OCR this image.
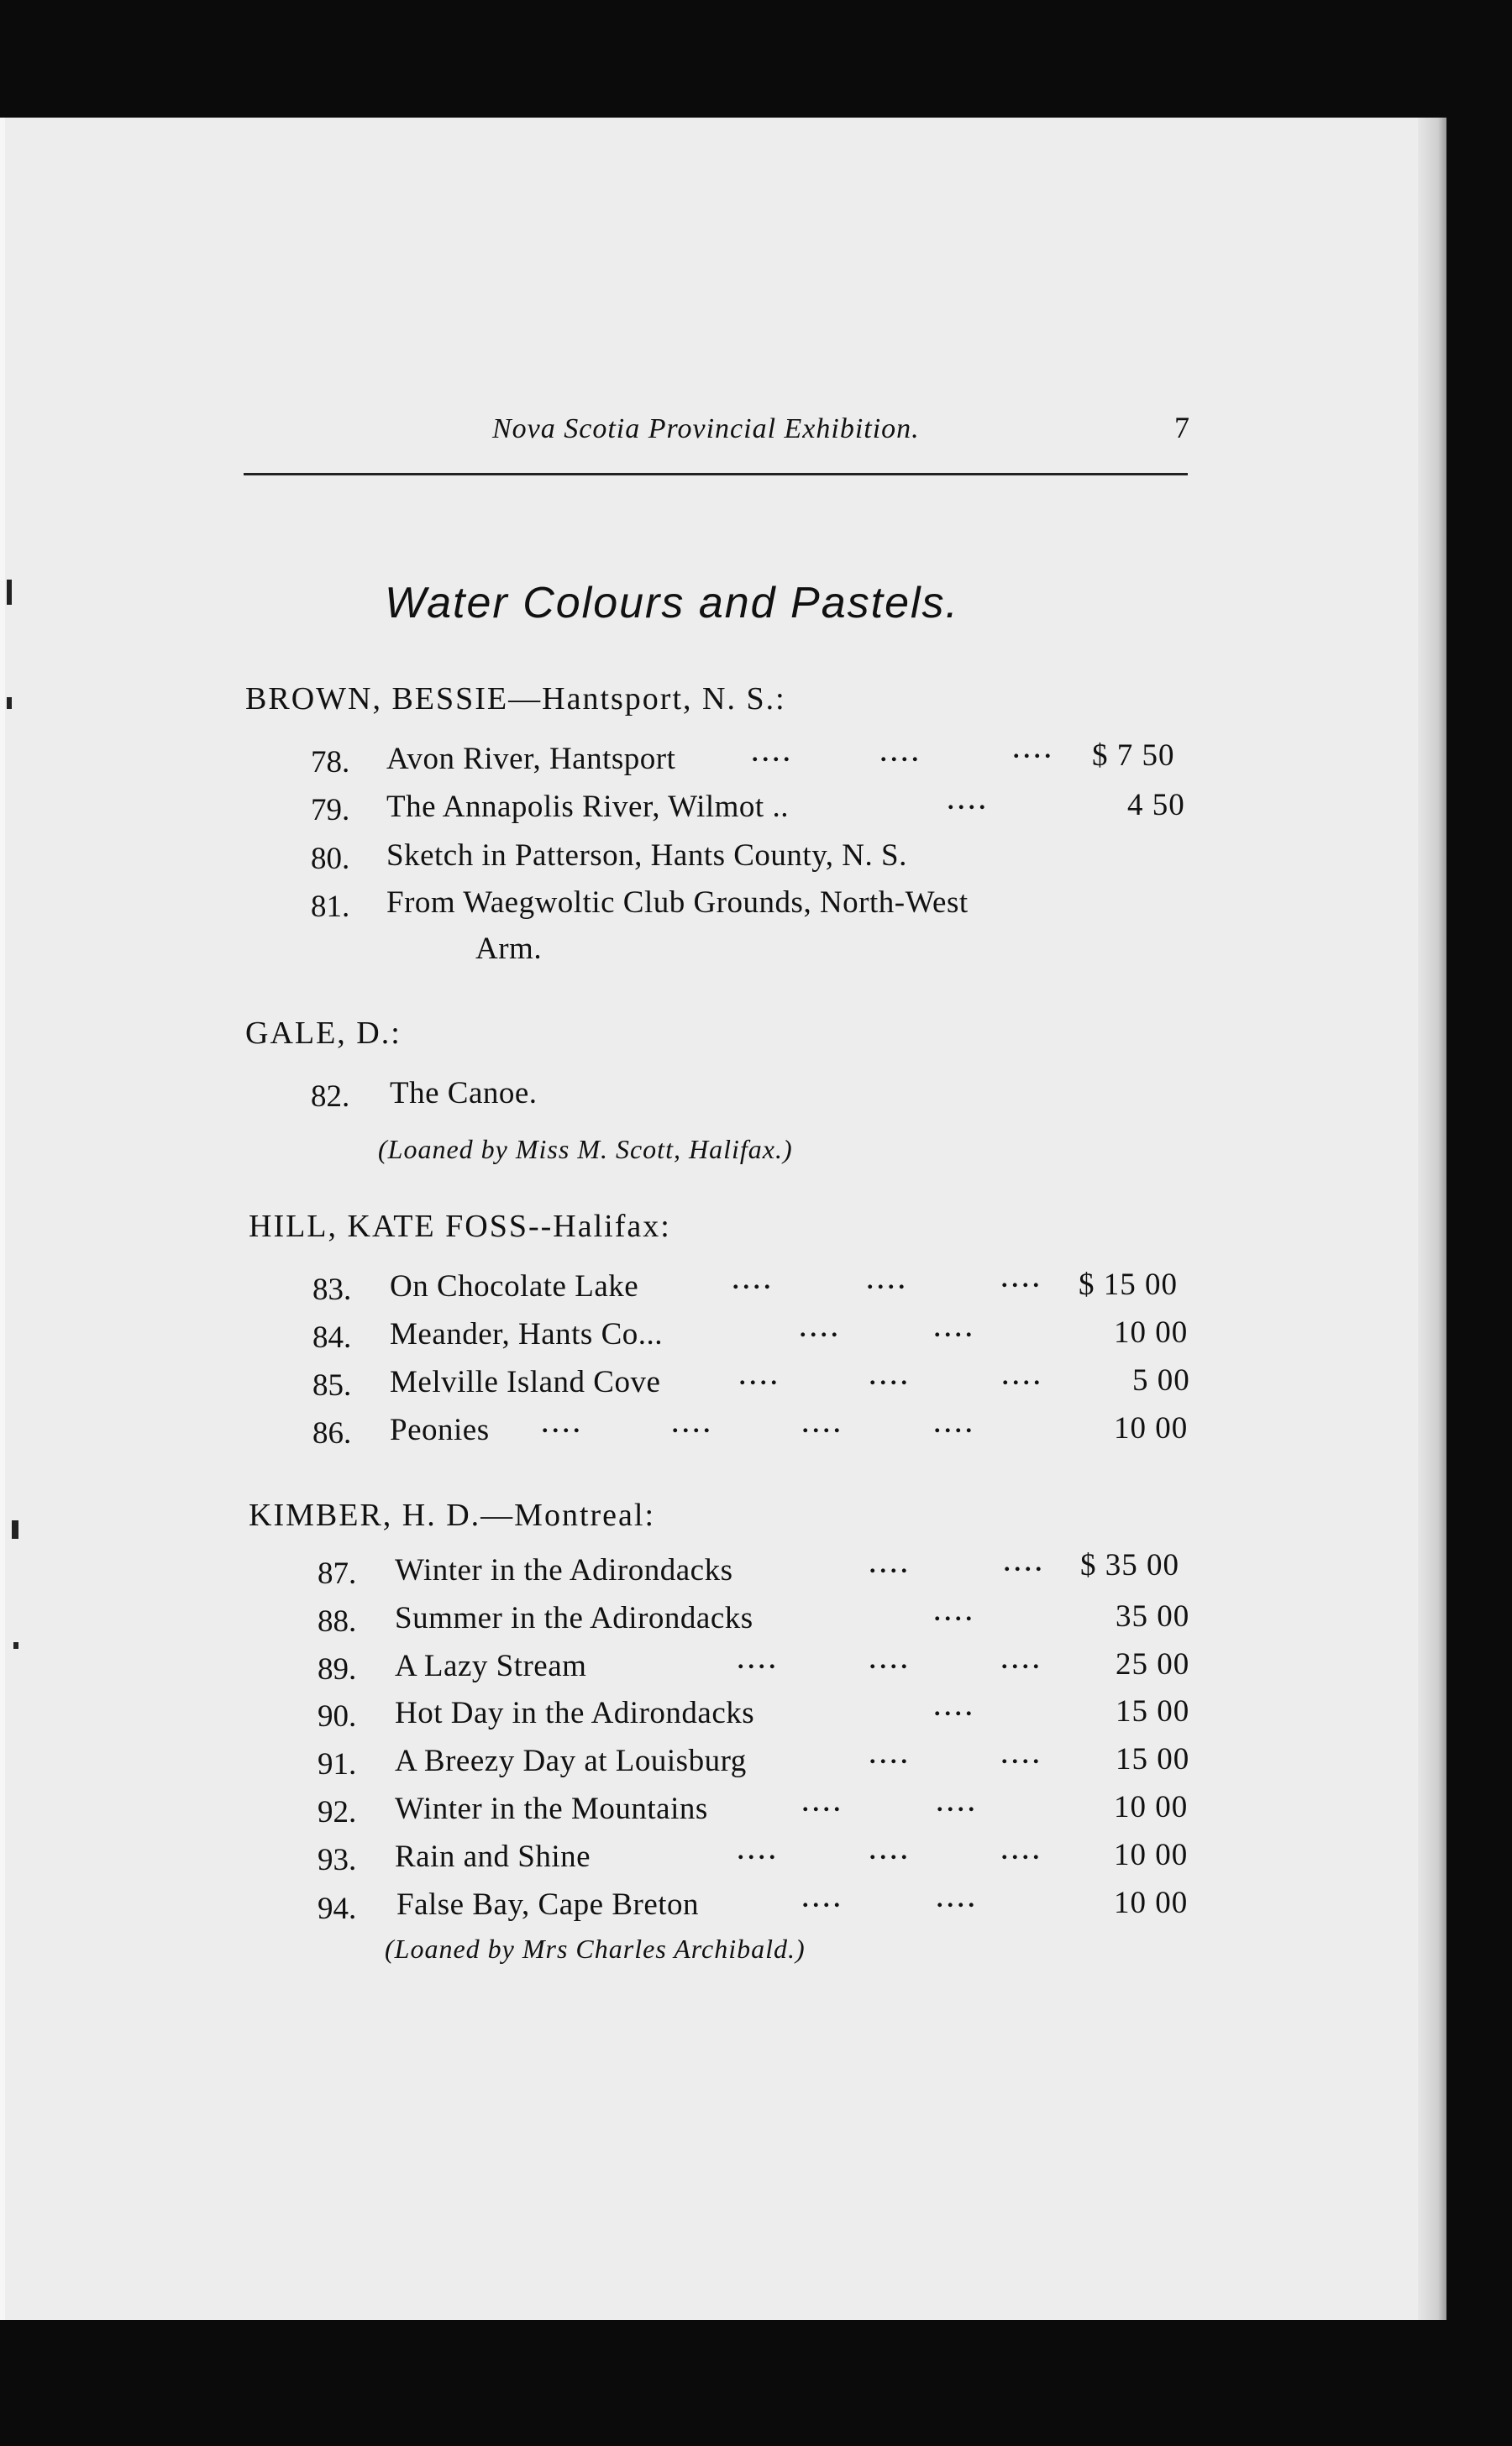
Nova Scotia Provincial Exhibition.	7
Water Colours and Pastels.
BROWN, BESSIE—Hantsport, N. S.:
78. Avon River, Hantsport	....	....	.... $ 7 50
79. The Annapolis River, Wilmot ..	....	4 50
80. Sketch in Patterson, Hants County, N. S.
81. From Waegwoltic Club Grounds, North-West
Arm.
GALE, D.:
82. The Canoe.
(Loaned by Miss M. Scott, Halifax.)
HILL, KATE FOSS--Halifax:
83. On Chocolate Lake	....	....	.... $ 15 00
84. Meander, Hants Co...	....	....	10 00
85. Melville Island Cove	....	....	....	5 00
86. Peonies ....	....	....	....	10 00
KIMBER, H. D.—Montreal:
87. Winter in the Adirondacks	....	.... $ 35 00
88. Summer in the Adirondacks	....	35 00
89. A Lazy Stream	....	....	.... 25 00
90. Hot Day in the Adirondacks	....	15 00
91. A Breezy Day at Louisburg	....	.... 15 00
92. Winter in the Mountains	....	....	10 00
93. Rain and Shine	....	....	.... 10 00
94. False Bay, Cape Breton	....	....	10 00
(Loaned by Mrs Charles Archibald.)
